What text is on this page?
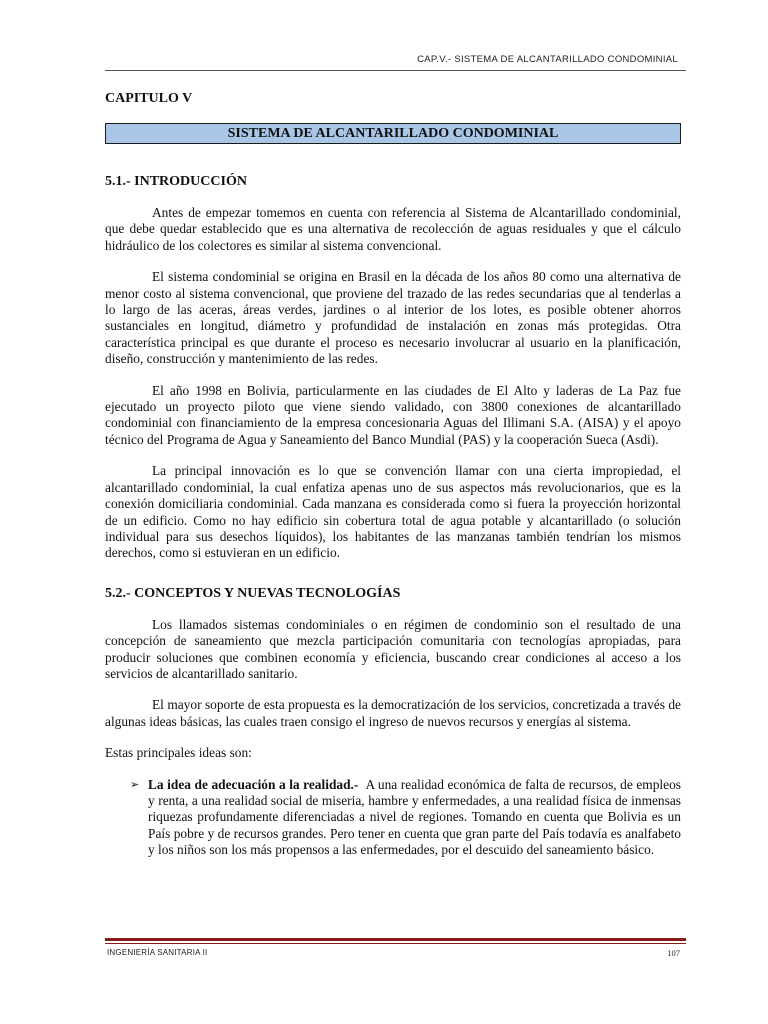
CAP.V.- SISTEMA DE ALCANTARILLADO CONDOMINIAL
CAPITULO V
SISTEMA DE ALCANTARILLADO CONDOMINIAL
5.1.- INTRODUCCIÓN

Antes de empezar tomemos en cuenta con referencia al Sistema de Alcantarillado condominial, que debe quedar establecido que es una alternativa de recolección de aguas residuales y que el cálculo hidráulico de los colectores es similar al sistema convencional.

El sistema condominial se origina en Brasil en la década de los años 80 como una alternativa de menor costo al sistema convencional, que proviene del trazado de las redes secundarias que al tenderlas a lo largo de las aceras, áreas verdes, jardines o al interior de los lotes, es posible obtener ahorros sustanciales en longitud, diámetro y profundidad de instalación en zonas más protegidas. Otra característica principal es que durante el proceso es necesario involucrar al usuario en la planificación, diseño, construcción y mantenimiento de las redes.

El año 1998 en Bolivia, particularmente en las ciudades de El Alto y laderas de La Paz fue ejecutado un proyecto piloto que viene siendo validado, con 3800 conexiones de alcantarillado condominial con financiamiento de la empresa concesionaria Aguas del Illimani S.A. (AISA) y el apoyo técnico del Programa de Agua y Saneamiento del Banco Mundial (PAS) y la cooperación Sueca (Asdi).

La principal innovación es lo que se convención llamar con una cierta impropiedad, el alcantarillado condominial, la cual enfatiza apenas uno de sus aspectos más revolucionarios, que es la conexión domiciliaria condominial. Cada manzana es considerada como si fuera la proyección horizontal de un edificio. Como no hay edificio sin cobertura total de agua potable y alcantarillado (o solución individual para sus desechos líquidos), los habitantes de las manzanas también tendrían los mismos derechos, como si estuvieran en un edificio.

5.2.- CONCEPTOS Y NUEVAS TECNOLOGÍAS

Los llamados sistemas condominiales o en régimen de condominio son el resultado de una concepción de saneamiento que mezcla participación comunitaria con tecnologías apropiadas, para producir soluciones que combinen economía y eficiencia, buscando crear condiciones al acceso a los servicios de alcantarillado sanitario.

El mayor soporte de esta propuesta es la democratización de los servicios, concretizada a través de algunas ideas básicas, las cuales traen consigo el ingreso de nuevos recursos y energías al sistema.

Estas principales ideas son:

➢ La idea de adecuación a la realidad.- A una realidad económica de falta de recursos, de empleos y renta, a una realidad social de miseria, hambre y enfermedades, a una realidad física de inmensas riquezas profundamente diferenciadas a nivel de regiones. Tomando en cuenta que Bolivia es un País pobre y de recursos grandes. Pero tener en cuenta que gran parte del País todavía es analfabeto y los niños son los más propensos a las enfermedades, por el descuido del saneamiento básico.
INGENIERÍA SANITARIA II	107
